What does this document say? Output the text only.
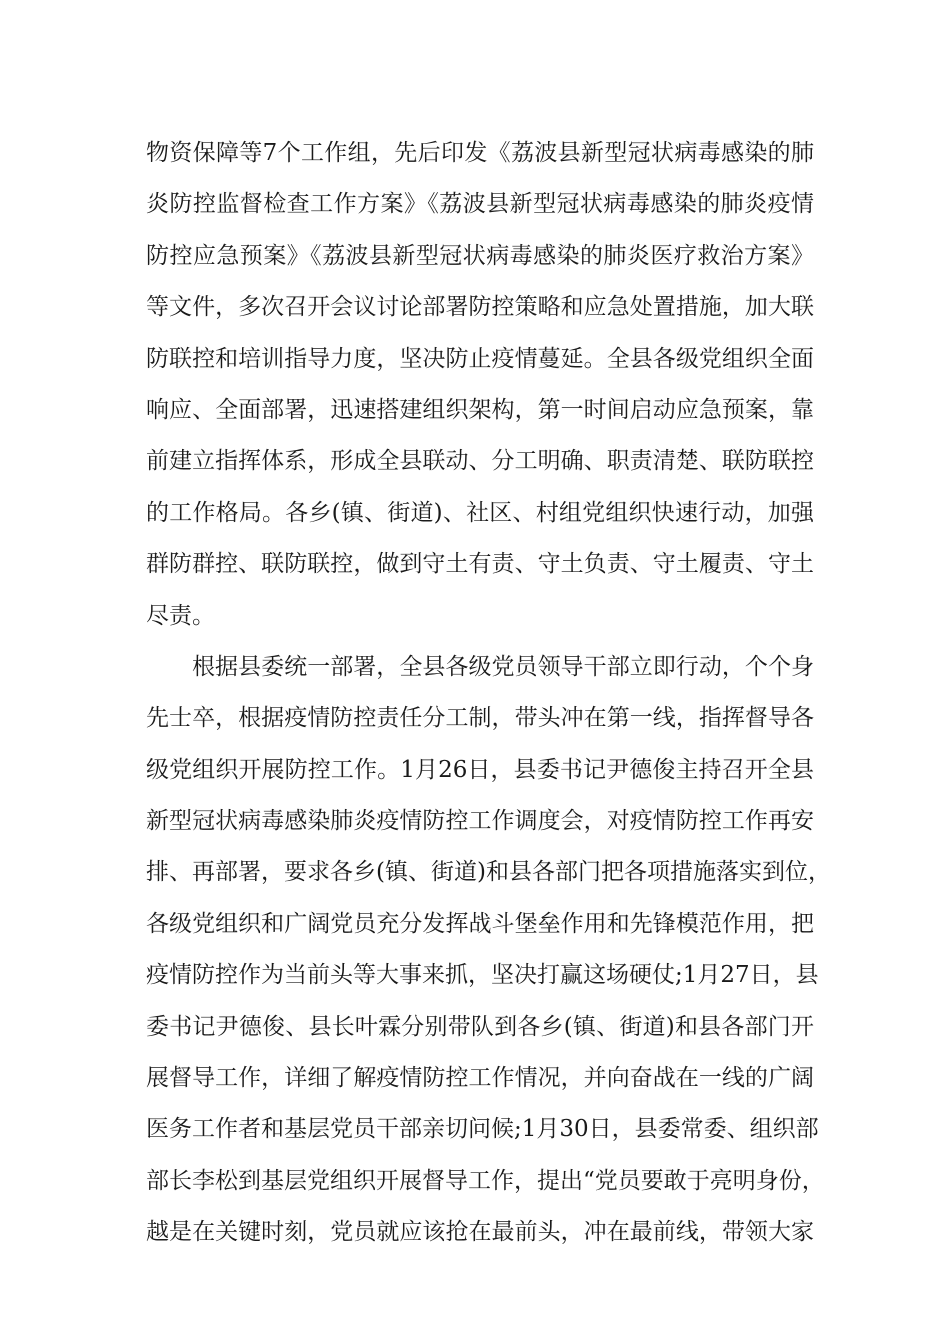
物资保障等7个工作组，先后印发《荔波县新型冠状病毒感染的肺
炎防控监督检查工作方案》《荔波县新型冠状病毒感染的肺炎疫情
防控应急预案》《荔波县新型冠状病毒感染的肺炎医疗救治方案》
等文件，多次召开会议讨论部署防控策略和应急处置措施，加大联
防联控和培训指导力度，坚决防止疫情蔓延。全县各级党组织全面
响应、全面部署，迅速搭建组织架构，第一时间启动应急预案，靠
前建立指挥体系，形成全县联动、分工明确、职责清楚、联防联控
的工作格局。各乡(镇、街道)、社区、村组党组织快速行动，加强
群防群控、联防联控，做到守土有责、守土负责、守土履责、守土
尽责。
根据县委统一部署，全县各级党员领导干部立即行动，个个身
先士卒，根据疫情防控责任分工制，带头冲在第一线，指挥督导各
级党组织开展防控工作。1月26日，县委书记尹德俊主持召开全县
新型冠状病毒感染肺炎疫情防控工作调度会，对疫情防控工作再安
排、再部署，要求各乡(镇、街道)和县各部门把各项措施落实到位，
各级党组织和广阔党员充分发挥战斗堡垒作用和先锋模范作用，把
疫情防控作为当前头等大事来抓，坚决打赢这场硬仗;1月27日，县
委书记尹德俊、县长叶霖分别带队到各乡(镇、街道)和县各部门开
展督导工作，详细了解疫情防控工作情况，并向奋战在一线的广阔
医务工作者和基层党员干部亲切问候;1月30日，县委常委、组织部
部长李松到基层党组织开展督导工作，提出“党员要敢于亮明身份，
越是在关键时刻，党员就应该抢在最前头，冲在最前线，带领大家
